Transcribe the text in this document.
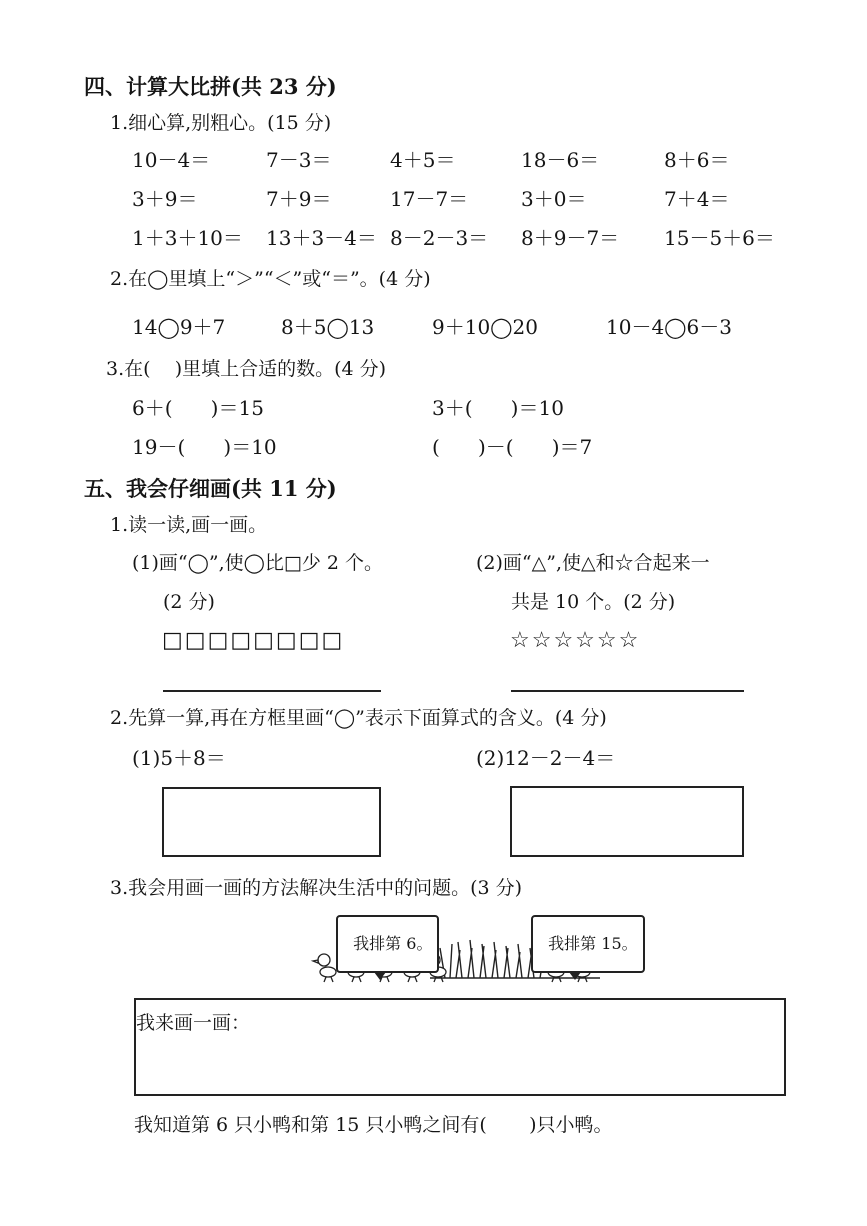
四、计算大比拼(共 23 分)
1.细心算,别粗心。(15 分)
10－4＝	7－3＝	4＋5＝	18－6＝	8＋6＝
3＋9＝	7＋9＝	17－7＝	3＋0＝	7＋4＝
1＋3＋10＝ 13＋3－4＝ 8－2－3＝ 8＋9－7＝ 15－5＋6＝
2.在◯里填上“＞”“＜”或“＝”。(4 分)
14◯9＋7	8＋5◯13	9＋10◯20	10－4◯6－3
3.在(    )里填上合适的数。(4 分)
6＋(      )＝15	3＋(      )＝10
19－(      )＝10	(      )－(      )＝7
五、我会仔细画(共 11 分)
1.读一读,画一画。
(1)画“◯”,使◯比□少 2 个。
(2 分)
□□□□□□□□
(2)画“△”,使△和☆合起来一
共是 10 个。(2 分)
☆☆☆☆☆☆
2.先算一算,再在方框里画“◯”表示下面算式的含义。(4 分)
(1)5＋8＝	(2)12－2－4＝
3.我会用画一画的方法解决生活中的问题。(3 分)

我排第 6。
	我排第 15。

我来画一画：
我知道第 6 只小鸭和第 15 只小鸭之间有(       )只小鸭。
